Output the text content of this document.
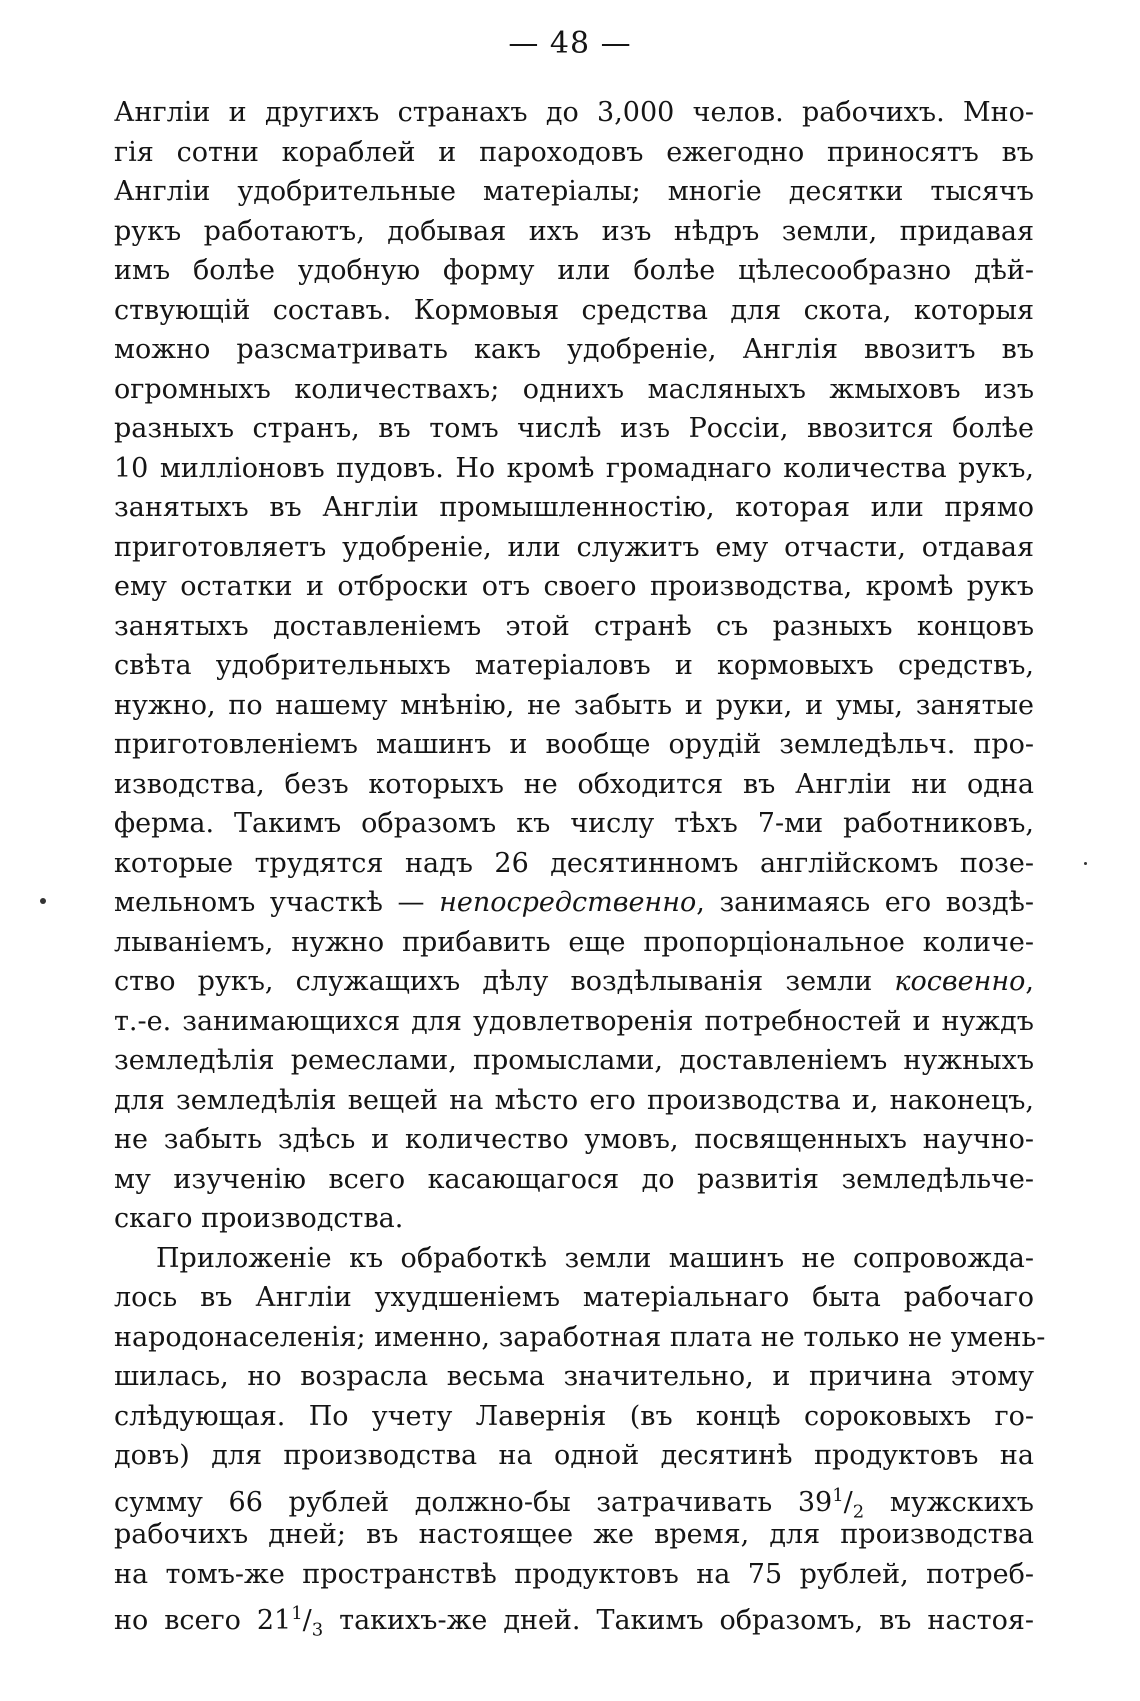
— 48 —
Англіи и другихъ странахъ до 3,000 челов. рабочихъ. Мно-
гія сотни кораблей и пароходовъ ежегодно приносятъ въ
Англіи удобрительные матеріалы; многіе десятки тысячъ
рукъ работаютъ, добывая ихъ изъ нѣдръ земли, придавая
имъ болѣе удобную форму или болѣе цѣлесообразно дѣй-
ствующій составъ. Кормовыя средства для скота, которыя
можно разсматривать какъ удобреніе, Англія ввозитъ въ
огромныхъ количествахъ; однихъ масляныхъ жмыховъ изъ
разныхъ странъ, въ томъ числѣ изъ Россіи, ввозится болѣе
10 милліоновъ пудовъ. Но кромѣ громаднаго количества рукъ,
занятыхъ въ Англіи промышленностію, которая или прямо
приготовляетъ удобреніе, или служитъ ему отчасти, отдавая
ему остатки и отброски отъ своего производства, кромѣ рукъ
занятыхъ доставленіемъ этой странѣ съ разныхъ концовъ
свѣта удобрительныхъ матеріаловъ и кормовыхъ средствъ,
нужно, по нашему мнѣнію, не забыть и руки, и умы, занятые
приготовленіемъ машинъ и вообще орудій земледѣльч. про-
изводства, безъ которыхъ не обходится въ Англіи ни одна
ферма. Такимъ образомъ къ числу тѣхъ 7-ми работниковъ,
которые трудятся надъ 26 десятинномъ англійскомъ позе-
мельномъ участкѣ — непосредственно, занимаясь его воздѣ-
лываніемъ, нужно прибавить еще пропорціональное количе-
ство рукъ, служащихъ дѣлу воздѣлыванія земли косвенно,
т.-е. занимающихся для удовлетворенія потребностей и нуждъ
земледѣлія ремеслами, промыслами, доставленіемъ нужныхъ
для земледѣлія вещей на мѣсто его производства и, наконецъ,
не забыть здѣсь и количество умовъ, посвященныхъ научно-
му изученію всего касающагося до развитія земледѣльче-
скаго производства.
Приложеніе къ обработкѣ земли машинъ не сопровожда-
лось въ Англіи ухудшеніемъ матеріальнаго быта рабочаго
народонаселенія; именно, заработная плата не только не умень-
шилась, но возрасла весьма значительно, и причина этому
слѣдующая. По учету Лавернія (въ концѣ сороковыхъ го-
довъ) для производства на одной десятинѣ продуктовъ на
сумму 66 рублей должно-бы затрачивать $39^1/_2$ мужскихъ
рабочихъ дней; въ настоящее же время, для производства
на томъ-же пространствѣ продуктовъ на 75 рублей, потреб-
но всего $21^1/_3$ такихъ-же дней. Такимъ образомъ, въ настоя-
